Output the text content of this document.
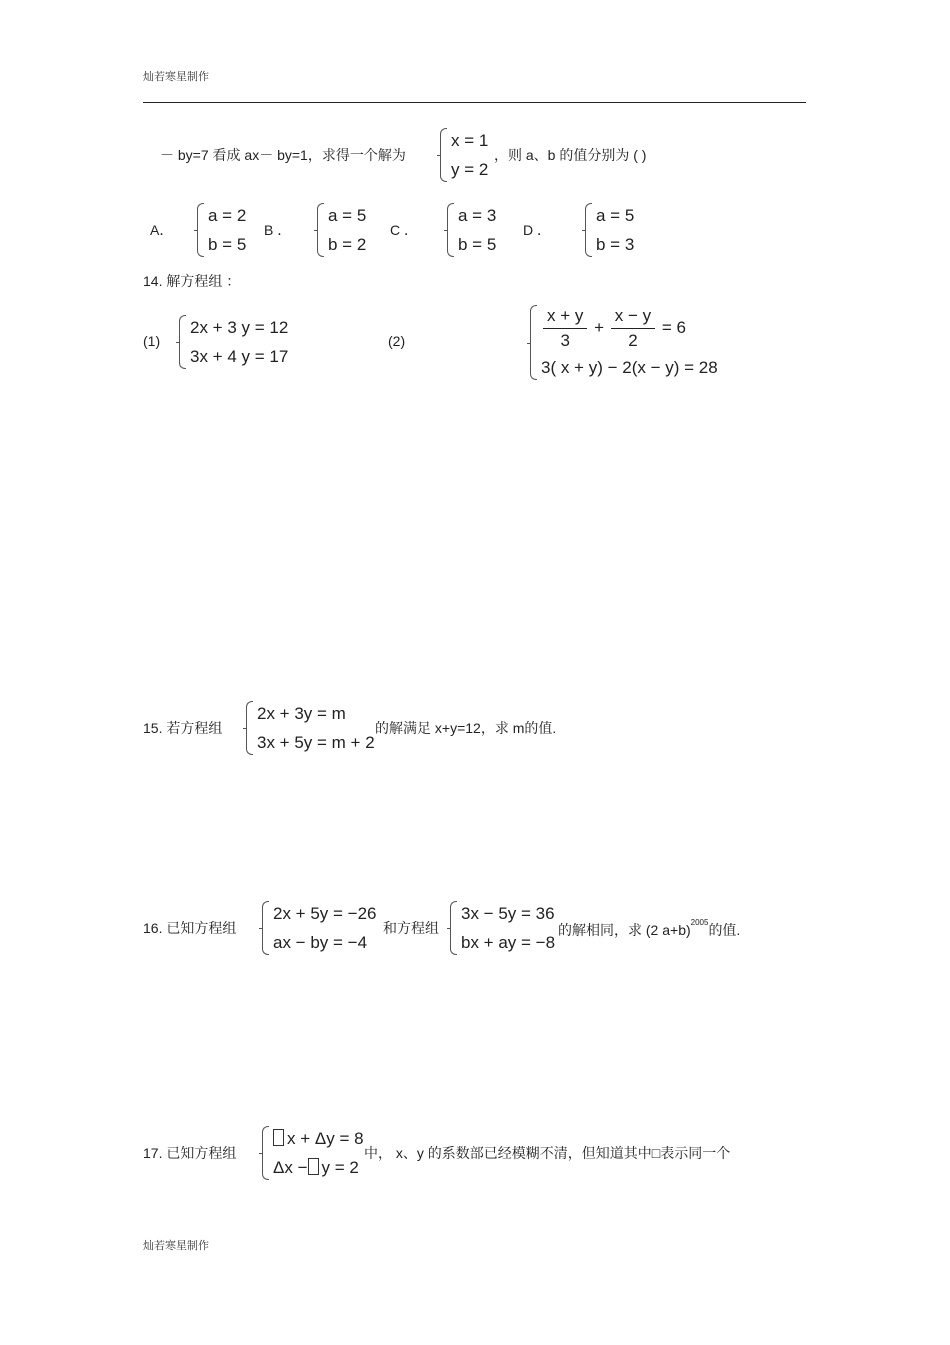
灿若寒星制作
－ by=7 看成 ax－ by=1，求得一个解为
x = 1
y = 2
，则 a、b 的值分别为 ( )
A．
a = 2
b = 5
B ．
a = 5
b = 2
C ．
a = 3
b = 5
D ．
a = 5
b = 3
14. 解方程组 ：
(1)
2x + 3 y = 12
3x + 4 y = 17
(2)	$\frac{x + y}{3} + \frac{x - y}{2} = 6$
3( x + y) − 2(x − y) = 28
15. 若方程组
2x + 3y = m
3x + 5y = m + 2
的解满足 x+y=12，求 m的值.
16. 已知方程组
2x + 5y = −26
ax − by = −4
和方程组
3x − 5y = 36
bx + ay = −8
的解相同，求 (2 a+b)$^{2005}$的值.
17. 已知方程组
x + Δy = 8
Δx − y = 2
中， x、y 的系数部已经模糊不清，但知道其中□表示同一个
灿若寒星制作
